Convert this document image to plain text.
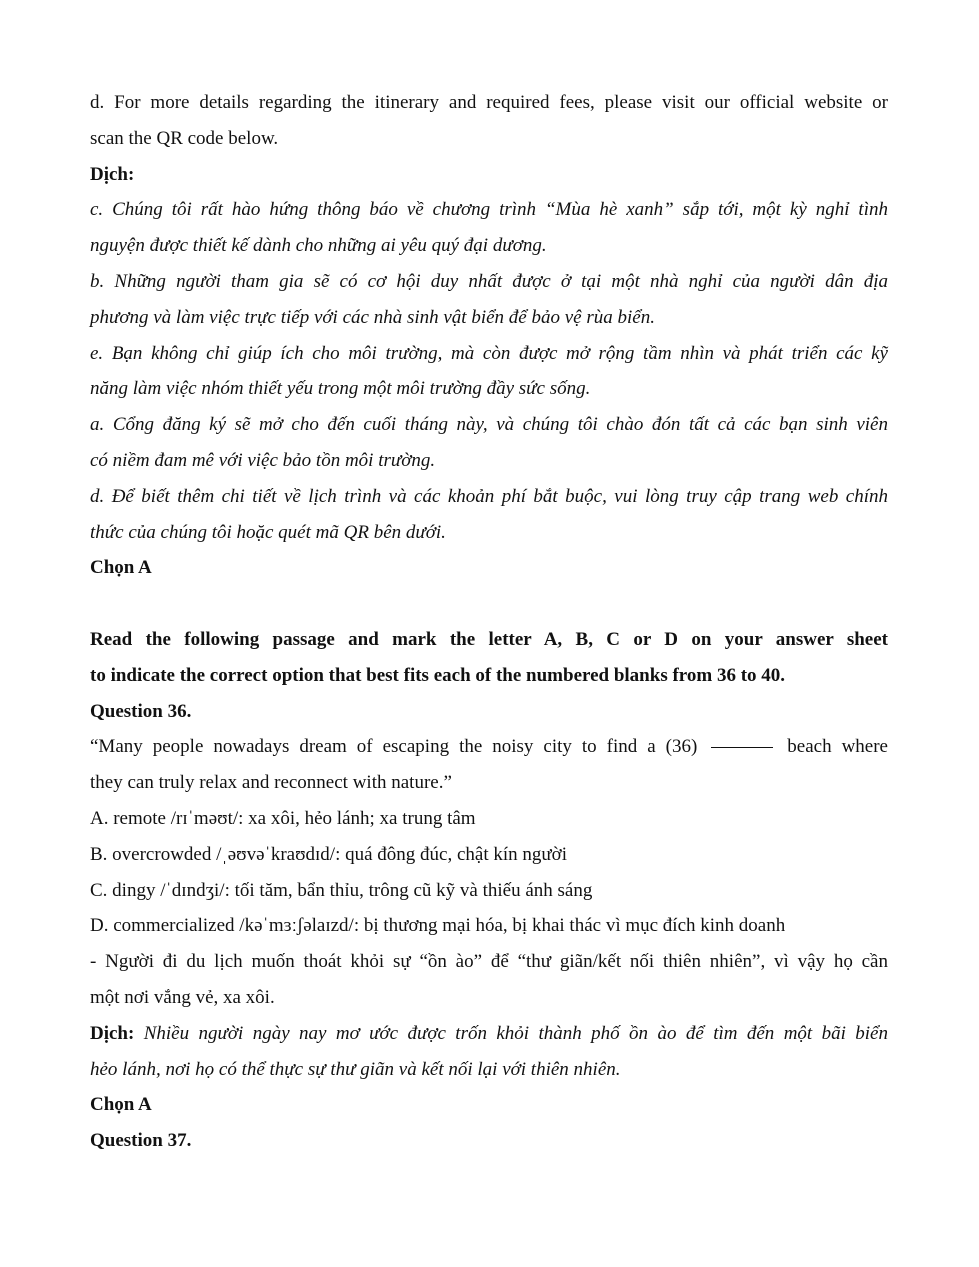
d. For more details regarding the itinerary and required fees, please visit our official website or

scan the QR code below.

Dịch:

c. Chúng tôi rất hào hứng thông báo về chương trình “Mùa hè xanh” sắp tới, một kỳ nghỉ tình

nguyện được thiết kế dành cho những ai yêu quý đại dương.

b. Những người tham gia sẽ có cơ hội duy nhất được ở tại một nhà nghỉ của người dân địa

phương và làm việc trực tiếp với các nhà sinh vật biển để bảo vệ rùa biển.

e. Bạn không chỉ giúp ích cho môi trường, mà còn được mở rộng tầm nhìn và phát triển các kỹ

năng làm việc nhóm thiết yếu trong một môi trường đầy sức sống.

a. Cổng đăng ký sẽ mở cho đến cuối tháng này, và chúng tôi chào đón tất cả các bạn sinh viên

có niềm đam mê với việc bảo tồn môi trường.

d. Để biết thêm chi tiết về lịch trình và các khoản phí bắt buộc, vui lòng truy cập trang web chính

thức của chúng tôi hoặc quét mã QR bên dưới.

Chọn A

Read the following passage and mark the letter A, B, C or D on your answer sheet

to indicate the correct option that best fits each of the numbered blanks from 36 to 40.

Question 36.

“Many people nowadays dream of escaping the noisy city to find a (36)	beach where

they can truly relax and reconnect with nature.”

A. remote /rɪˈməʊt/: xa xôi, hẻo lánh; xa trung tâm

B. overcrowded /ˌəʊvəˈkraʊdɪd/: quá đông đúc, chật kín người

C. dingy /ˈdɪndʒi/: tối tăm, bẩn thỉu, trông cũ kỹ và thiếu ánh sáng

D. commercialized /kəˈmɜːʃəlaɪzd/: bị thương mại hóa, bị khai thác vì mục đích kinh doanh

- Người đi du lịch muốn thoát khỏi sự “ồn ào” để “thư giãn/kết nối thiên nhiên”, vì vậy họ cần

một nơi vắng vẻ, xa xôi.

Dịch: Nhiều người ngày nay mơ ước được trốn khỏi thành phố ồn ào để tìm đến một bãi biển

hẻo lánh, nơi họ có thể thực sự thư giãn và kết nối lại với thiên nhiên.

Chọn A

Question 37.
